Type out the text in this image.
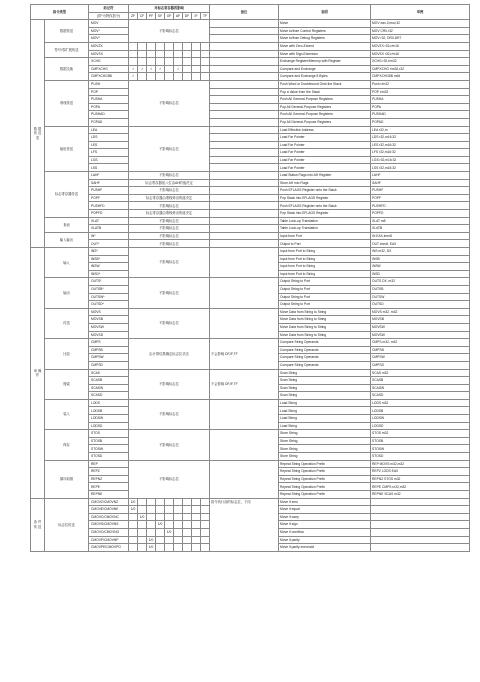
指令类型		助记符	对标志寄存器的影响									备注	说明	举例
		(带*为特权指令)	ZF	CF	PF	SF	OF	AF	DF	IF	TF			
数 据 传 送 类	数据传送	MOV	不影响标志位										Move	MOV eax,2;mov,32
		MOV*											Move to/from Control Registers	MOV CR0,r32
		MOV*											Move to/from Debug Registers	MOV r32, DR0-DR7
	符号/零扩展传送	MOVZX											Move with Zero-Extend	MOVZX r32,r/m16
		MOVSX											Move with Sign-Extension	MOVSX r32,r/m16
	数据交换	XCHG											Exchange Register/Memory with Register	XCHG r32,r/m32
		CMPXCHG	√	√	√	√		√					Compare and Exchange	CMPXCHG r/m32,r32
		CMPXCHG8B	√										Compare and Exchange 8 Bytes	CMPXCHG8B m64
	堆栈传送	PUSH	不影响标志位										Push Word or Doubleword Onto the Stack	Push r/m32
		POP											Pop a Value from the Stack	POP r/m32
		PUSHA											Push All General-Purpose Registers	PUSHA
		POPA											Pop All General-Purpose Registers	POPA
		PUSHAD											Push All General-Purpose Registers	PUSHAD
		POPAD											Pop All General-Purpose Registers	POPAD
	地址传送	LEA	不影响标志位										Load Effective Address	LEA r32,m
		LDS											Load Far Pointer	LDS r32,m16:32
		LES											Load Far Pointer	LES r32,m16:32
		LFS											Load Far Pointer	LFS r32,m16:32
		LGS											Load Far Pointer	LGS r32,m16:32
		LSS											Load Far Pointer	LSS r32,m16:32
	标志寄存器传送	LAHF	不影响标志位										Load Status Flags into AH Register	LAHF
		SAHF	标志寄存器低八位由AH的值决定										Store AH into Flags	SAHF
		PUSHF	不影响标志位										Push EFLAGS Register onto the Stack	PUSHF
		POPF	标志寄存器由堆栈弹出的值决定										Pop Stack into EFLAGS Register	POPF
		PUSHFD	不影响标志位										Push EFLAGS Register onto the Stack	PUSHFD
		POPFD	标志寄存器由堆栈弹出的值决定										Pop Stack into EFLAGS Register	POPFD
	查表	XLAT	不影响标志位										Table Look-up Translation	XLAT m8
		XLATB	不影响标志位										Table Look-up Translation	XLATB
	输入输出	IN*	不影响标志位										Input from Port	IN EAX,imm8
		OUT*	不影响标志位										Output to Port	OUT imm8, EAX
串 操 作	输入	INS*	不影响标志位										Input from Port to String	INS m32, DX
		INSB*											Input from Port to String	INSB
		INSW											Input from Port to String	INSW
		INSD*											Input from Port to String	INSD
	输出	OUTS*	不影响标志位										Output String to Port	OUTS DX, m32
		OUTSB*											Output String to Port	OUTSB
		OUTSW*											Output String to Port	OUTSW
		OUTSD*											Output String to Port	OUTSD
	传送	MOVS	不影响标志位										Move Data from String to String	MOVS m32, m32
		MOVSB											Move Data from String to String	MOVSB
		MOVSW											Move Data from String to String	MOVSW
		MOVSD											Move Data from String to String	MOVSW
	比较	CMPS	由计算结果确定标志位状态									不会影响 DF,IF,TF	Compare String Operands	CMPS m32, m32
		CMPSB											Compare String Operands	CMPSB
		CMPSW											Compare String Operands	CMPSW
		CMPSD											Compare String Operands	CMPSD
	搜索	SCAS	不影响标志位									不会影响 DF,IF,TF	Scan String	SCAS m32
		SCASB											Scan String	SCASB
		SCASW											Scan String	SCASW
		SCASD											Scan String	SCASD
	装入	LODS	不影响标志位										Load String	LODS m32
		LODSB											Load String	LODSB
		LODSW											Load String	LODSW
		LODSD											Load String	LODSD
	保存	STOS	不影响标志位										Store String	STOS m32
		STOSB											Store String	STOSB
		STOSW											Store String	STOSW
		STOSD											Store String	STOSD
	循环前缀	REP	不影响标志位										Repeat String Operation Prefix	REP MOVS m32,m32
		REPZ											Repeat String Operation Prefix	REPZ LODS EAX
		REPNZ											Repeat String Operation Prefix	REPNZ STOS m32
		REPE											Repeat String Operation Prefix	REPE CMPS m32,m32
		REPNE											Repeat String Operation Prefix	REPNE SCAS m32
条 件 传 送	标志位传送	CMOVZ/CMOVNZ	1/0									指令执行前的标志位，下同	Move if zero	
		CMOVE/CMOVNE	1/0										Move if equal	
		CMOVC/CMOVNC		1/0									Move if carry	
		CMOVS/CMOVNS				1/0							Move if sign	
		CMOVO/CMOVNO					1/0						Move if overflow	
		CMOVP/CMOVNP			1/0								Move if parity	
		CMOVPE/CMOVPO			1/0								Move if parity even/odd	
